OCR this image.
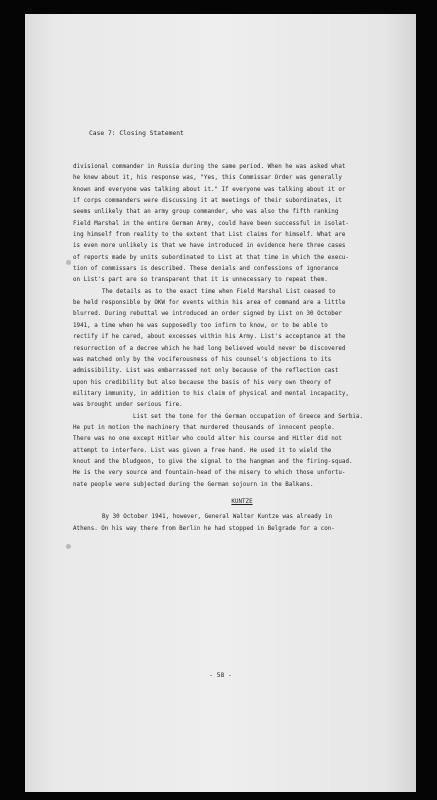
Case 7: Closing Statement
divisional commander in Russia during the same period. When he was asked what
he knew about it, his response was, "Yes, this Commissar Order was generally
known and everyone was talking about it." If everyone was talking about it or
if corps commanders were discussing it at meetings of their subordinates, it
seems unlikely that an army group commander, who was also the fifth ranking
Field Marshal in the entire German Army, could have been successful in isolat-
ing himself from reality to the extent that List claims for himself. What are
is even more unlikely is that we have introduced in evidence here three cases
of reports made by units subordinated to List at that time in which the execu-
tion of commissars is described. These denials and confessions of ignorance
on List's part are so transparent that it is unnecessary to repeat them.
The details as to the exact time when Field Marshal List ceased to
be held responsible by OKW for events within his area of command are a little
blurred. During rebuttal we introduced an order signed by List on 30 October
1941, a time when he was supposedly too infirm to know, or to be able to
rectify if he cared, about excesses within his Army. List's acceptance at the
resurrection of a decree which he had long believed would never be discovered
was matched only by the vociferousness of his counsel's objections to its
admissibility. List was embarrassed not only because of the reflection cast
upon his credibility but also because the basis of his very own theory of
military immunity, in addition to his claim of physical and mental incapacity,
was brought under serious fire.
List set the tone for the German occupation of Greece and Serbia.
He put in motion the machinery that murdered thousands of innocent people.
There was no one except Hitler who could alter his course and Hitler did not
attempt to interfere. List was given a free hand. He used it to wield the
knout and the bludgeon, to give the signal to the hangman and the firing-squad.
He is the very source and fountain-head of the misery to which those unfortu-
nate people were subjected during the German sojourn in the Balkans.
KUNTZE
By 30 October 1941, however, General Walter Kuntze was already in
Athens. On his way there from Berlin he had stopped in Belgrade for a con-
- 58 -
